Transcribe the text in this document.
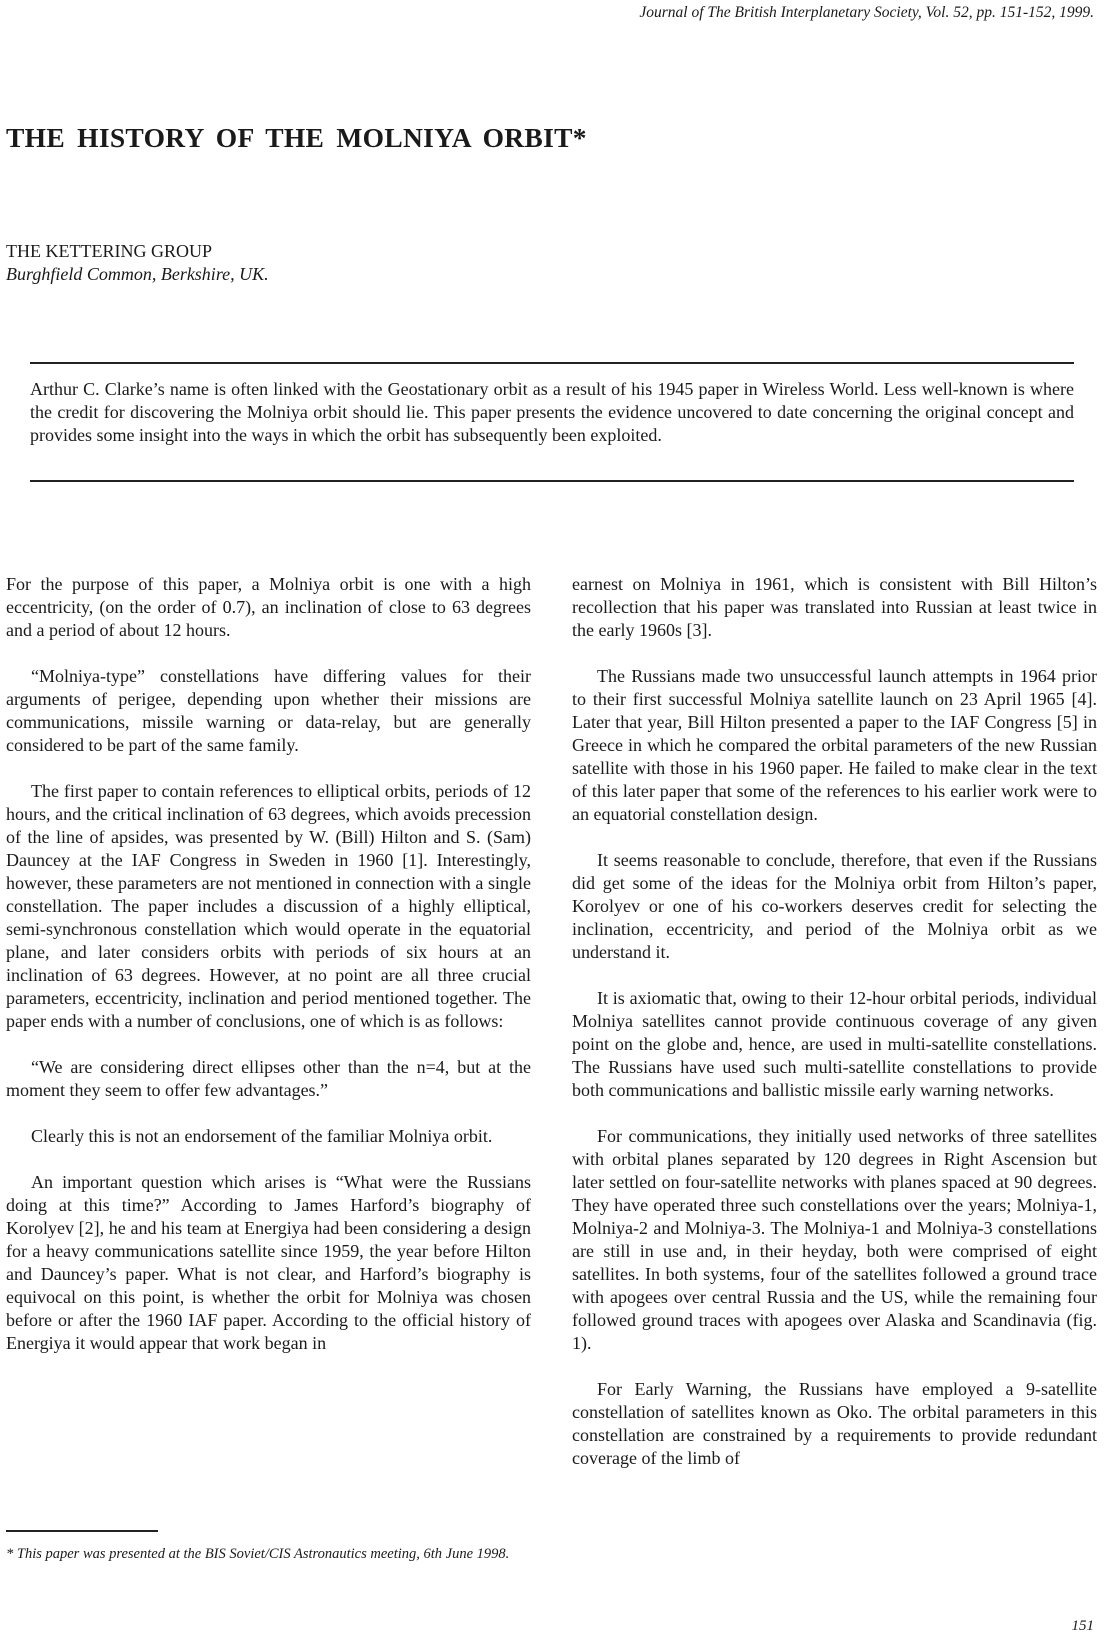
Journal of The British Interplanetary Society, Vol. 52, pp. 151-152, 1999.
THE HISTORY OF THE MOLNIYA ORBIT*
THE KETTERING GROUP
Burghfield Common, Berkshire, UK.

Arthur C. Clarke’s name is often linked with the Geostationary orbit as a result of his 1945 paper in Wireless World. Less well-known is where the credit for discovering the Molniya orbit should lie. This paper presents the evidence uncovered to date concerning the original concept and provides some insight into the ways in which the orbit has subsequently been exploited.

For the purpose of this paper, a Molniya orbit is one with a high eccentricity, (on the order of 0.7), an inclination of close to 63 degrees and a period of about 12 hours.

“Molniya-type” constellations have differing values for their arguments of perigee, depending upon whether their missions are communications, missile warning or data-relay, but are generally considered to be part of the same family.

The first paper to contain references to elliptical orbits, periods of 12 hours, and the critical inclination of 63 degrees, which avoids precession of the line of apsides, was presented by W. (Bill) Hilton and S. (Sam) Dauncey at the IAF Congress in Sweden in 1960 [1]. Interestingly, however, these parameters are not mentioned in connection with a single constellation. The paper includes a discussion of a highly elliptical, semi-synchronous constellation which would operate in the equatorial plane, and later considers orbits with periods of six hours at an inclination of 63 degrees. However, at no point are all three crucial parameters, eccentricity, inclination and period mentioned together. The paper ends with a number of conclusions, one of which is as follows:

“We are considering direct ellipses other than the n=4, but at the moment they seem to offer few advantages.”

Clearly this is not an endorsement of the familiar Molniya orbit.

An important question which arises is “What were the Russians doing at this time?” According to James Harford’s biography of Korolyev [2], he and his team at Energiya had been considering a design for a heavy communications satellite since 1959, the year before Hilton and Dauncey’s paper. What is not clear, and Harford’s biography is equivocal on this point, is whether the orbit for Molniya was chosen before or after the 1960 IAF paper. According to the official history of Energiya it would appear that work began in

earnest on Molniya in 1961, which is consistent with Bill Hilton’s recollection that his paper was translated into Russian at least twice in the early 1960s [3].

The Russians made two unsuccessful launch attempts in 1964 prior to their first successful Molniya satellite launch on 23 April 1965 [4]. Later that year, Bill Hilton presented a paper to the IAF Congress [5] in Greece in which he compared the orbital parameters of the new Russian satellite with those in his 1960 paper. He failed to make clear in the text of this later paper that some of the references to his earlier work were to an equatorial constellation design.

It seems reasonable to conclude, therefore, that even if the Russians did get some of the ideas for the Molniya orbit from Hilton’s paper, Korolyev or one of his co-workers deserves credit for selecting the inclination, eccentricity, and period of the Molniya orbit as we understand it.

It is axiomatic that, owing to their 12-hour orbital periods, individual Molniya satellites cannot provide continuous coverage of any given point on the globe and, hence, are used in multi-satellite constellations. The Russians have used such multi-satellite constellations to provide both communications and ballistic missile early warning networks.

For communications, they initially used networks of three satellites with orbital planes separated by 120 degrees in Right Ascension but later settled on four-satellite networks with planes spaced at 90 degrees. They have operated three such constellations over the years; Molniya-1, Molniya-2 and Molniya-3. The Molniya-1 and Molniya-3 constellations are still in use and, in their heyday, both were comprised of eight satellites. In both systems, four of the satellites followed a ground trace with apogees over central Russia and the US, while the remaining four followed ground traces with apogees over Alaska and Scandinavia (fig. 1).

For Early Warning, the Russians have employed a 9-satellite constellation of satellites known as Oko. The orbital parameters in this constellation are constrained by a requirements to provide redundant coverage of the limb of

* This paper was presented at the BIS Soviet/CIS Astronautics meeting, 6th June 1998.

151
